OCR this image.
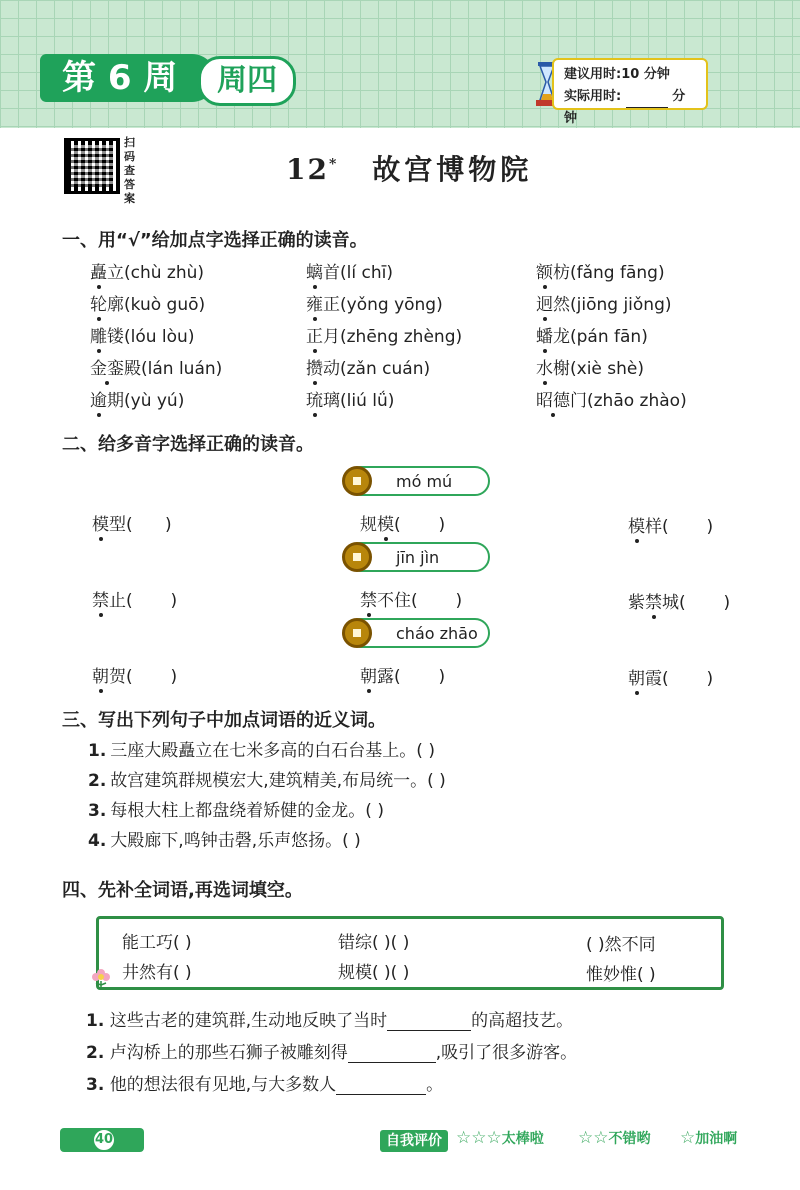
第 6 周	周四	建议用时:10 分钟
实际用时:	分钟
扫码查答案
12* 故宫博物院
一、用“√”给加点字选择正确的读音。
矗立(chù zhù)	螭首(lí chī)	额枋(fǎng fāng)
轮廓(kuò guō)	雍正(yǒng yōng)	迥然(jiōng jiǒng)
雕镂(lóu lòu)	正月(zhēng zhèng)	蟠龙(pán fān)
金銮殿(lán luán)	攒动(zǎn cuán)	水榭(xiè shè)
逾期(yù yú)	琉璃(liú lǘ)	昭德门(zhāo zhào)
二、给多音字选择正确的读音。
mó mú
模型(      )	规模(       )	模样(       )
jīn jìn
禁止(       )	禁不住(       )	紫禁城(       )
cháo zhāo
朝贺(       )	朝露(       )	朝霞(       )
三、写出下列句子中加点词语的近义词。
1. 三座大殿矗立在七米多高的白石台基上。( )
2. 故宫建筑群规模宏大,建筑精美,布局统一。( )
3. 每根大柱上都盘绕着矫健的金龙。( )
4. 大殿廊下,鸣钟击磬,乐声悠扬。( )
四、先补全词语,再选词填空。
能工巧( )	错综( )( )	( )然不同
井然有( )	规模( )( )	惟妙惟( )
1. 这些古老的建筑群,生动地反映了当时	的高超技艺。
2. 卢沟桥上的那些石狮子被雕刻得	,吸引了很多游客。
3. 他的想法很有见地,与大多数人	。
40	自我评价 ☆☆☆太棒啦 ☆☆不错哟 ☆加油啊
